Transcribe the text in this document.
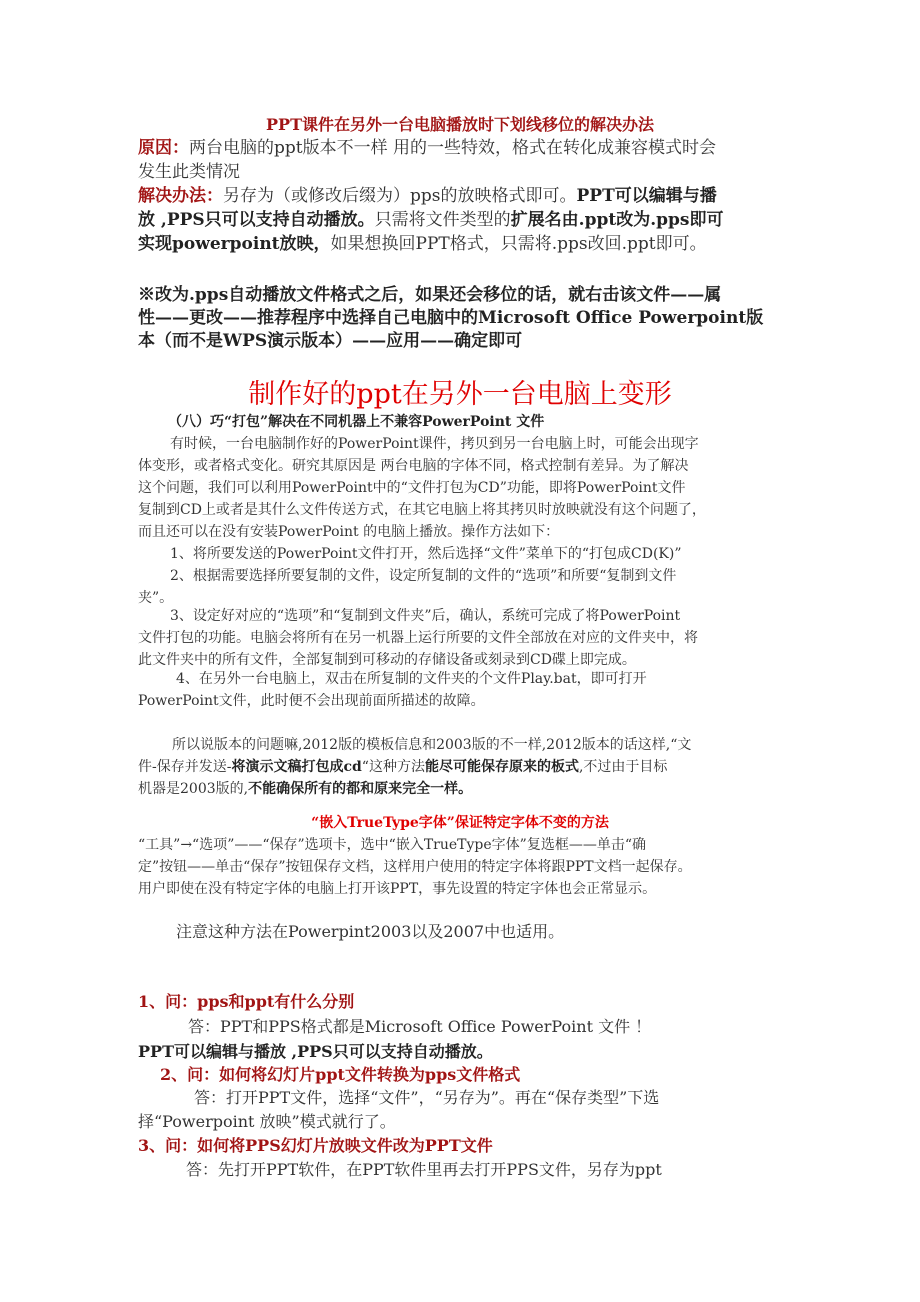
PPT课件在另外一台电脑播放时下划线移位的解决办法
原因：两台电脑的ppt版本不一样 用的一些特效，格式在转化成兼容模式时会
发生此类情况
解决办法：另存为（或修改后缀为）pps的放映格式即可。PPT可以编辑与播
放 ,PPS只可以支持自动播放。只需将文件类型的扩展名由.ppt改为.pps即可
实现powerpoint放映，如果想换回PPT格式，只需将.pps改回.ppt即可。
※改为.pps自动播放文件格式之后，如果还会移位的话，就右击该文件——属
性——更改——推荐程序中选择自己电脑中的Microsoft Office Powerpoint版
本（而不是WPS演示版本）——应用——确定即可
制作好的ppt在另外一台电脑上变形
（八）巧“打包”解决在不同机器上不兼容PowerPoint 文件
有时候，一台电脑制作好的PowerPoint课件，拷贝到另一台电脑上时，可能会出现字
体变形，或者格式变化。研究其原因是 两台电脑的字体不同，格式控制有差异。为了解决
这个问题，我们可以利用PowerPoint中的“文件打包为CD”功能，即将PowerPoint文件
复制到CD上或者是其什么文件传送方式，在其它电脑上将其拷贝时放映就没有这个问题了，
而且还可以在没有安装PowerPoint 的电脑上播放。操作方法如下：
1、将所要发送的PowerPoint文件打开，然后选择“文件”菜单下的“打包成CD(K)”
2、根据需要选择所要复制的文件，设定所复制的文件的“选项”和所要“复制到文件
夹”。
3、设定好对应的“选项”和“复制到文件夹”后，确认，系统可完成了将PowerPoint
文件打包的功能。电脑会将所有在另一机器上运行所要的文件全部放在对应的文件夹中，将
此文件夹中的所有文件，全部复制到可移动的存储设备或刻录到CD碟上即完成。
4、在另外一台电脑上，双击在所复制的文件夹的个文件Play.bat，即可打开
PowerPoint文件，此时便不会出现前面所描述的故障。
所以说版本的问题嘛,2012版的模板信息和2003版的不一样,2012版本的话这样,“文
件-保存并发送-将演示文稿打包成cd“这种方法能尽可能保存原来的板式,不过由于目标
机器是2003版的,不能确保所有的都和原来完全一样。
“嵌入TrueType字体”保证特定字体不变的方法
“工具”→“选项”——“保存”选项卡，选中“嵌入TrueType字体”复选框——单击“确
定”按钮——单击“保存”按钮保存文档，这样用户使用的特定字体将跟PPT文档一起保存。
用户即使在没有特定字体的电脑上打开该PPT，事先设置的特定字体也会正常显示。
注意这种方法在Powerpint2003以及2007中也适用。
1、问：pps和ppt有什么分别
答：PPT和PPS格式都是Microsoft Office PowerPoint 文件 ！
PPT可以编辑与播放 ,PPS只可以支持自动播放。
2、问：如何将幻灯片ppt文件转换为pps文件格式
答：打开PPT文件，选择“文件”，“另存为”。再在“保存类型”下选
择“Powerpoint 放映”模式就行了。
3、问：如何将PPS幻灯片放映文件改为PPT文件
答：先打开PPT软件，在PPT软件里再去打开PPS文件，另存为ppt
